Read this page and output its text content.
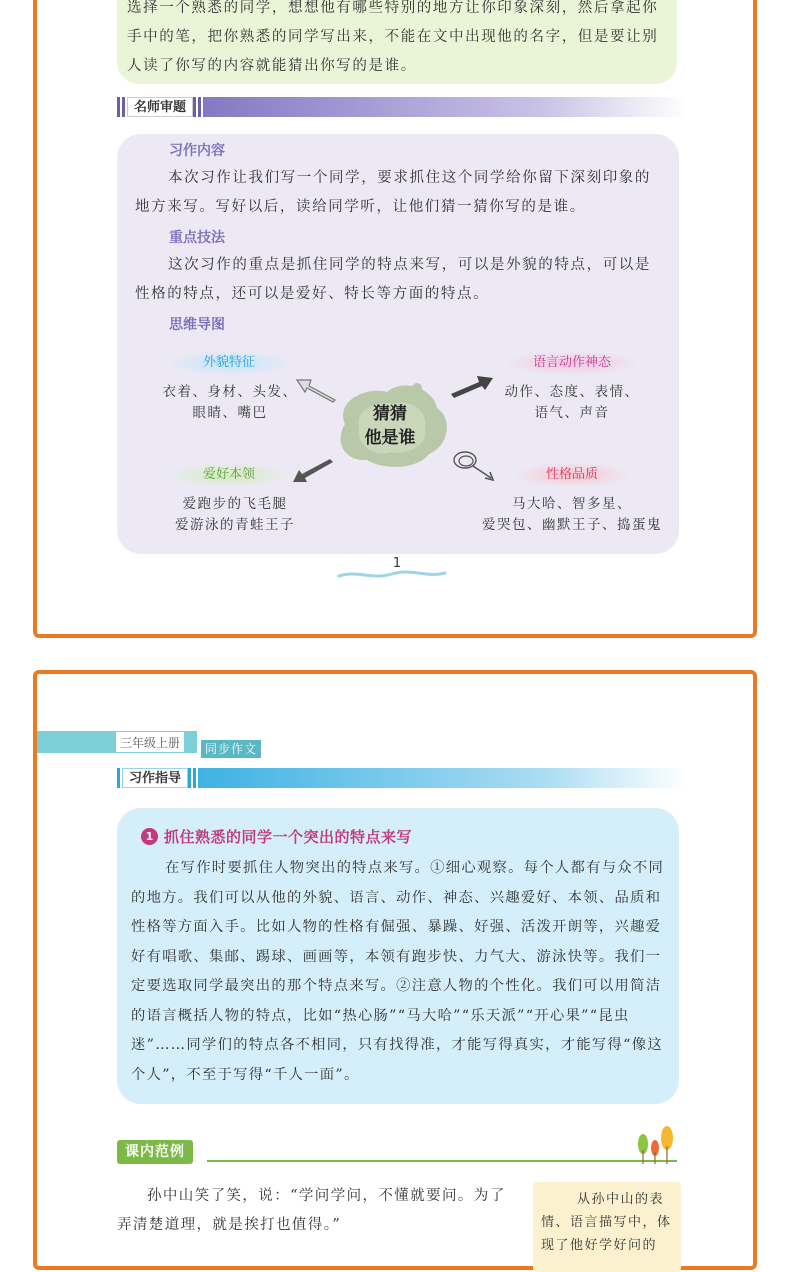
选择一个熟悉的同学，想想他有哪些特别的地方让你印象深刻，然后拿起你
手中的笔，把你熟悉的同学写出来，不能在文中出现他的名字，但是要让别
人读了你写的内容就能猜出你写的是谁。

名师审题
习作内容
本次习作让我们写一个同学，要求抓住这个同学给你留下深刻印象的地方来写。写好以后，读给同学听，让他们猜一猜你写的是谁。
重点技法
这次习作的重点是抓住同学的特点来写，可以是外貌的特点，可以是性格的特点，还可以是爱好、特长等方面的特点。
思维导图
外貌特征
衣着、身材、头发、
眼睛、嘴巴
语言动作神态
动作、态度、表情、
语气、声音
爱好本领
爱跑步的飞毛腿
爱游泳的青蛙王子
性格品质
马大哈、智多星、
爱哭包、幽默王子、捣蛋鬼
猜猜
他是谁
1
三年级上册	同步作文
习作指导
1 抓住熟悉的同学一个突出的特点来写
在写作时要抓住人物突出的特点来写。①细心观察。每个人都有与众不同的地方。我们可以从他的外貌、语言、动作、神态、兴趣爱好、本领、品质和性格等方面入手。比如人物的性格有倔强、暴躁、好强、活泼开朗等，兴趣爱好有唱歌、集邮、踢球、画画等，本领有跑步快、力气大、游泳快等。我们一定要选取同学最突出的那个特点来写。②注意人物的个性化。我们可以用简洁的语言概括人物的特点，比如“热心肠”“马大哈”“乐天派”“开心果”“昆虫迷”……同学们的特点各不相同，只有找得准，才能写得真实，才能写得“像这个人”，不至于写得“千人一面”。
课内范例
孙中山笑了笑，说：“学问学问，不懂就要问。为了弄清楚道理，就是挨打也值得。”
从孙中山的表情、语言描写中，体现了他好学好问的
